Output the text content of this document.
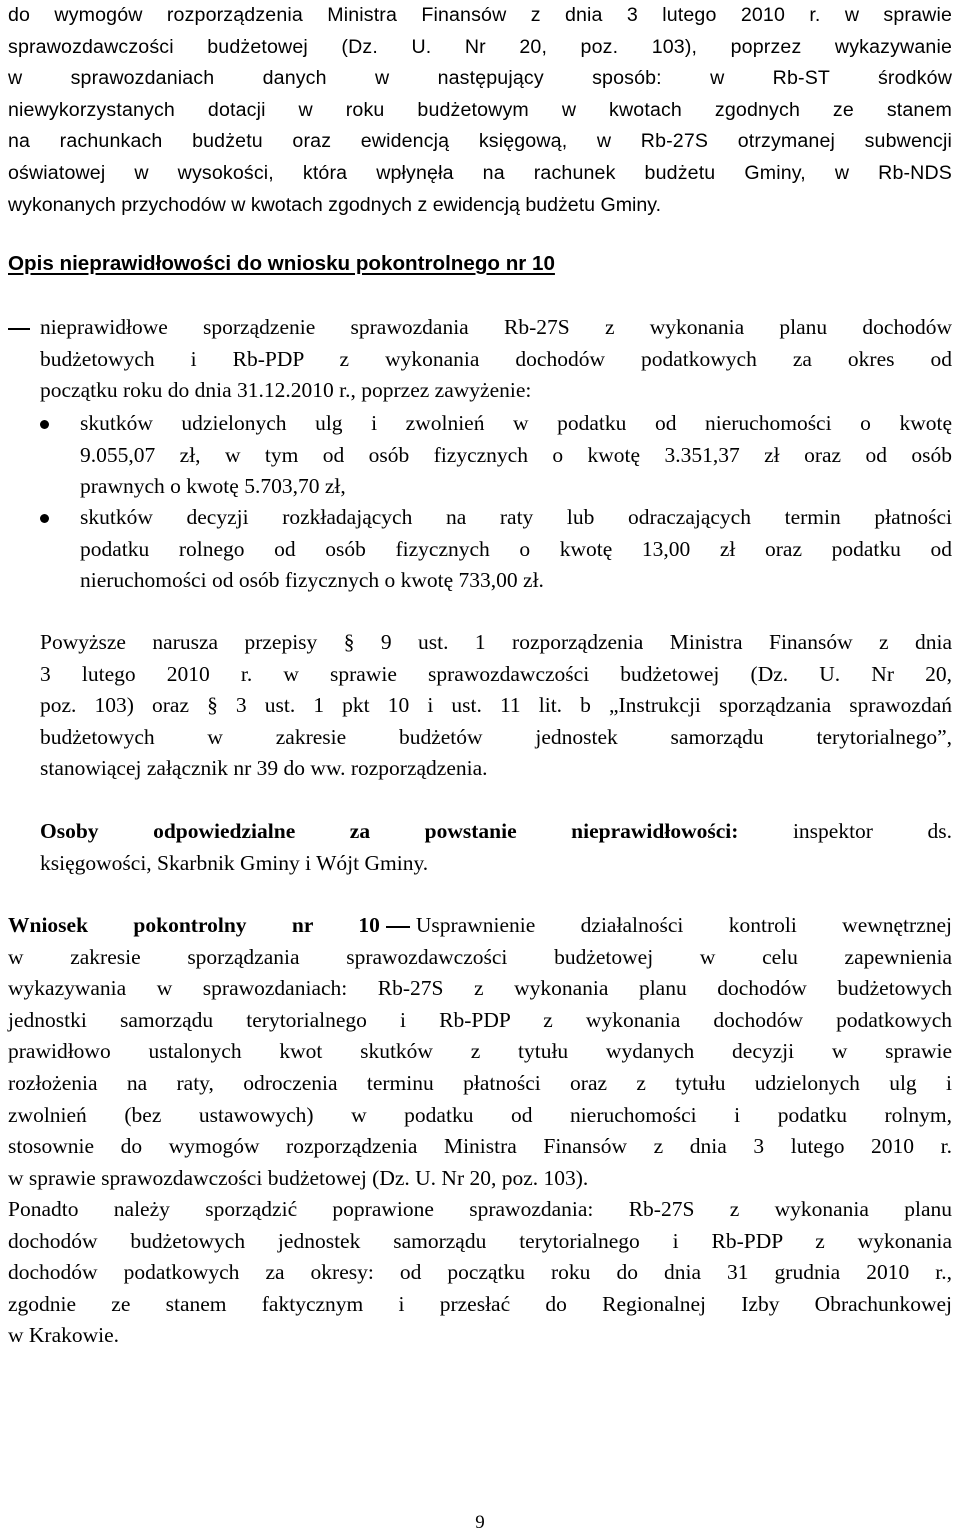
do wymogów rozporządzenia Ministra Finansów z dnia 3 lutego 2010 r. w sprawie
sprawozdawczości budżetowej (Dz. U. Nr 20, poz. 103), poprzez wykazywanie
w sprawozdaniach danych w następujący sposób: w Rb-ST środków
niewykorzystanych dotacji w roku budżetowym w kwotach zgodnych ze stanem
na rachunkach budżetu oraz ewidencją księgową, w Rb-27S otrzymanej subwencji
oświatowej w wysokości, która wpłynęła na rachunek budżetu Gminy, w Rb-NDS
wykonanych przychodów w kwotach zgodnych z ewidencją budżetu Gminy.
Opis nieprawidłowości do wniosku pokontrolnego nr 10
nieprawidłowe sporządzenie sprawozdania Rb-27S z wykonania planu dochodów
budżetowych i Rb-PDP z wykonania dochodów podatkowych za okres od
początku roku do dnia 31.12.2010 r., poprzez zawyżenie:
skutków udzielonych ulg i zwolnień w podatku od nieruchomości o kwotę
9.055,07 zł, w tym od osób fizycznych o kwotę 3.351,37 zł oraz od osób
prawnych o kwotę 5.703,70 zł,
skutków decyzji rozkładających na raty lub odraczających termin płatności
podatku rolnego od osób fizycznych o kwotę 13,00 zł oraz podatku od
nieruchomości od osób fizycznych o kwotę 733,00 zł.
Powyższe narusza przepisy § 9 ust. 1 rozporządzenia Ministra Finansów z dnia
3 lutego 2010 r. w sprawie sprawozdawczości budżetowej (Dz. U. Nr 20,
poz. 103) oraz § 3 ust. 1 pkt 10 i ust. 11 lit. b „Instrukcji sporządzania sprawozdań
budżetowych w zakresie budżetów jednostek samorządu terytorialnego”,
stanowiącej załącznik nr 39 do ww. rozporządzenia.
Osoby odpowiedzialne za powstanie nieprawidłowości:	inspektor ds.
księgowości, Skarbnik Gminy i Wójt Gminy.
Wniosek pokontrolny nr 10 Usprawnienie działalności kontroli wewnętrznej
w zakresie sporządzania sprawozdawczości budżetowej w celu zapewnienia
wykazywania w sprawozdaniach: Rb-27S z wykonania planu dochodów budżetowych
jednostki samorządu terytorialnego i Rb-PDP z wykonania dochodów podatkowych
prawidłowo ustalonych kwot skutków z tytułu wydanych decyzji w sprawie
rozłożenia na raty, odroczenia terminu płatności oraz z tytułu udzielonych ulg i
zwolnień (bez ustawowych) w podatku od nieruchomości i podatku rolnym,
stosownie do wymogów rozporządzenia Ministra Finansów z dnia 3 lutego 2010 r.
w sprawie sprawozdawczości budżetowej (Dz. U. Nr 20, poz. 103).
Ponadto należy sporządzić poprawione sprawozdania: Rb-27S z wykonania planu
dochodów budżetowych jednostek samorządu terytorialnego i Rb-PDP z wykonania
dochodów podatkowych za okresy: od początku roku do dnia 31 grudnia 2010 r.,
zgodnie ze stanem faktycznym i przesłać do Regionalnej Izby Obrachunkowej
w Krakowie.
9
